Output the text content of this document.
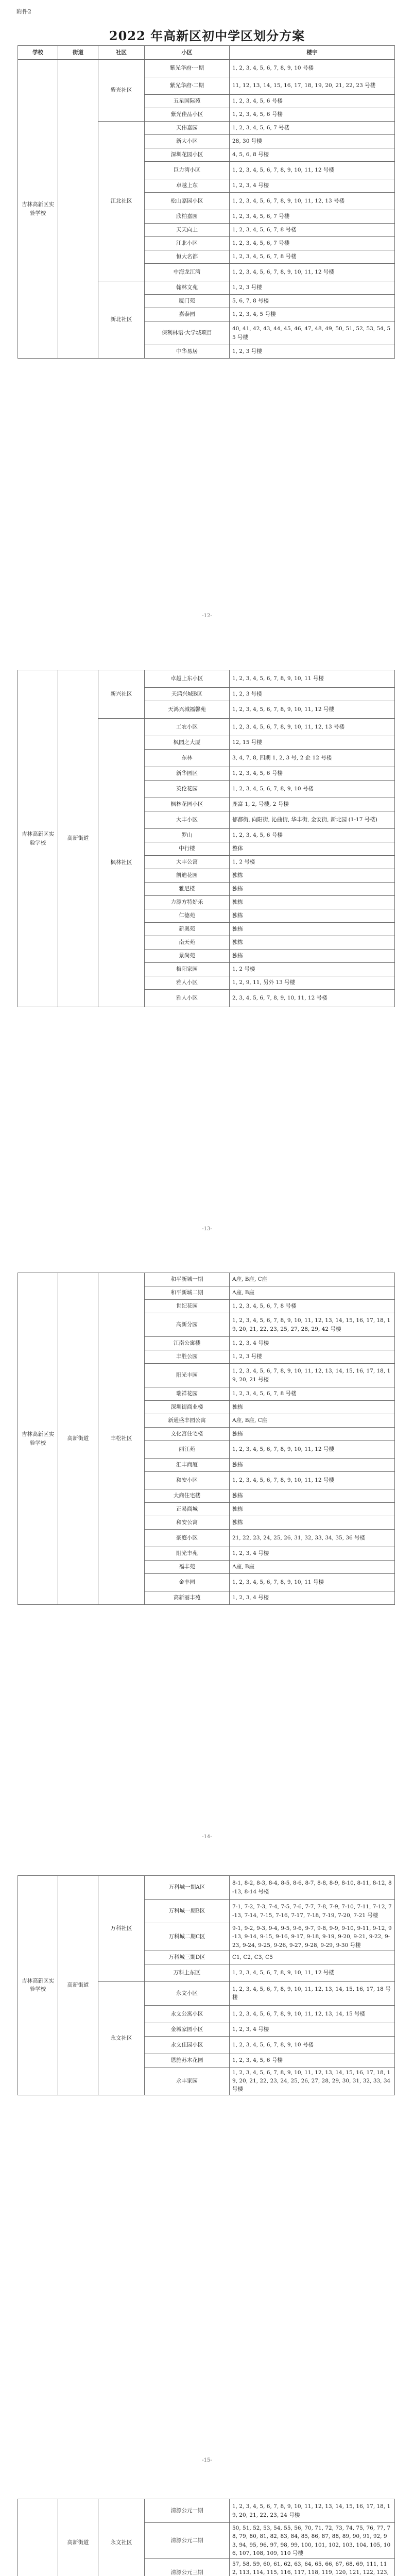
附件2
2022 年高新区初中学区划分方案
学校	街道	社区	小区	楼宇
吉林高新区实验学校		紫光社区	紫光华府·一期	1, 2, 3, 4, 5, 6, 7, 8, 9, 10 号楼
			紫光华府·二期	11, 12, 13, 14, 15, 16, 17, 18, 19, 20, 21, 22, 23 号楼
			五星国际苑	1, 2, 3, 4, 5, 6 号楼
			紫光佳品小区	1, 2, 3, 4, 5, 6 号楼
		江北社区	天伟嘉园	1, 2, 3, 4, 5, 6, 7 号楼
			新大小区	28, 30 号楼
			深圳花园小区	4, 5, 6, 8 号楼
			巨力湾小区	1, 2, 3, 4, 5, 6, 7, 8, 9, 10, 11, 12 号楼
			卓越上东	1, 2, 3, 4 号楼
			松山嘉园小区	1, 2, 3, 4, 5, 6, 7, 8, 9, 10, 11, 12, 13 号楼
			欣柏嘉园	1, 2, 3, 4, 5, 6, 7 号楼
			天天向上	1, 2, 3, 4, 5, 6, 7, 8 号楼
			江北小区	1, 2, 3, 4, 5, 6, 7 号楼
			恒大名都	1, 2, 3, 4, 5, 6, 7, 8 号楼
			中海龙江湾	1, 2, 3, 4, 5, 6, 7, 8, 9, 10, 11, 12 号楼
		新北社区	翰林文苑	1, 2, 3 号楼
			厦门苑	5, 6, 7, 8 号楼
			嘉泰园	1, 2, 3, 4, 5 号楼
			保利林语·大学城项目	40, 41, 42, 43, 44, 45, 46, 47, 48, 49, 50, 51, 52, 53, 54, 55 号楼
			中华易居	1, 2, 3 号楼
-12-
吉林高新区实验学校	高新街道	新兴社区	卓越上东小区	1, 2, 3, 4, 5, 6, 7, 8, 9, 10, 11 号楼
			天鸿兴城B区	1, 2, 3 号楼
			天鸿兴城福馨苑	1, 2, 3, 4, 5, 6, 7, 8, 9, 10, 11, 12 号楼
		枫林社区	工农小区	1, 2, 3, 4, 5, 6, 7, 8, 9, 10, 11, 12, 13 号楼
			枫园之大厦	12, 15 号楼
			东林	3, 4, 7, 8, 四期 1, 2, 3 号, 2 企 12 号楼
			新华园区	1, 2, 3, 4, 5, 6 号楼
			英伦花园	1, 2, 3, 4, 5, 6, 7, 8, 9, 10 号楼
			枫林花园小区	鹿富 1, 2, 号楼, 2 号楼
			大丰小区	郁都街, 向阳街, 沁曲街, 华丰街, 金安街, 新北园 (1-17 号楼)
			罗山	1, 2, 3, 4, 5, 6 号楼
			中行楼	整体
			大丰公寓	1, 2 号楼
			凯迪花园	独栋
			雅尼楼	独栋
			力源方特好乐	独栋
			仁德苑	独栋
			新奥苑	独栋
			南天苑	独栋
			景尚苑	独栋
			梅阳家园	1, 2 号楼
			雅人小区	1, 2, 9, 11, 另外 13 号楼
			雅人小区	2, 3, 4, 5, 6, 7, 8, 9, 10, 11, 12 号楼
-13-
吉林高新区实验学校	高新街道	丰松社区	和平新城一期	A座, B座, C座
			和平新城二期	A座, B座
			世纪花园	1, 2, 3, 4, 5, 6, 7, 8 号楼
			高新分园	1, 2, 3, 4, 5, 6, 7, 8, 9, 10, 11, 12, 13, 14, 15, 16, 17, 18, 19, 20, 21, 22, 23, 25, 27, 28, 29, 42 号楼
			江南公寓楼	1, 2, 3, 4 号楼
			丰胜公园	1, 2, 3 号楼
			阳光丰园	1, 2, 3, 4, 5, 6, 7, 8, 9, 10, 11, 12, 13, 14, 15, 16, 17, 18, 19, 20, 21 号楼
			瑞祥花园	1, 2, 3, 4, 5, 6, 7, 8 号楼
			深圳街商业楼	独栋
			新通盛丰园公寓	A座, B座, C座
			文化宫住宅楼	独栋
			丽江苑	1, 2, 3, 4, 5, 6, 7, 8, 9, 10, 11, 12 号楼
			汇丰商厦	独栋
			和安小区	1, 2, 3, 4, 5, 6, 7, 8, 9, 10, 11, 12 号楼
			大商住宅楼	独栋
			正易商城	独栋
			和安公寓	独栋
			豪庭小区	21, 22, 23, 24, 25, 26, 31, 32, 33, 34, 35, 36 号楼
			阳光丰苑	1, 2, 3, 4 号楼
			福丰苑	A座, B座
			金丰园	1, 2, 3, 4, 5, 6, 7, 8, 9, 10, 11 号楼
			高新丽丰苑	1, 2, 3, 4 号楼
-14-
吉林高新区实验学校	高新街道	万科社区	万科城一期A区	8-1, 8-2, 8-3, 8-4, 8-5, 8-6, 8-7, 8-8, 8-9, 8-10, 8-11, 8-12, 8-13, 8-14 号楼
			万科城一期B区	7-1, 7-2, 7-3, 7-4, 7-5, 7-6, 7-7, 7-8, 7-9, 7-10, 7-11, 7-12, 7-13, 7-14, 7-15, 7-16, 7-17, 7-18, 7-19, 7-20, 7-21 号楼
			万科城二期C区	9-1, 9-2, 9-3, 9-4, 9-5, 9-6, 9-7, 9-8, 9-9, 9-10, 9-11, 9-12, 9-13, 9-14, 9-15, 9-16, 9-17, 9-18, 9-19, 9-20, 9-21, 9-22, 9-23, 9-24, 9-25, 9-26, 9-27, 9-28, 9-29, 9-30 号楼
			万科城三期D区	C1, C2, C3, C5
			万科上东区	1, 2, 3, 4, 5, 6, 7, 8, 9, 10, 11, 12 号楼
		永文社区	永文小区	1, 2, 3, 4, 5, 6, 7, 8, 9, 10, 11, 12, 13, 14, 15, 16, 17, 18 号楼
			永文公寓小区	1, 2, 3, 4, 5, 6, 7, 8, 9, 10, 11, 12, 13, 14, 15 号楼
			金城家园小区	1, 2, 3, 4 号楼
			永文佳园小区	1, 2, 3, 4, 5, 6, 7, 8, 9, 10 号楼
			恩施苏木花园	1, 2, 3, 4, 5, 6 号楼
			永丰家园	1, 2, 3, 4, 5, 6, 7, 8, 9, 10, 11, 12, 13, 14, 15, 16, 17, 18, 19, 20, 21, 22, 23, 24, 25, 26, 27, 28, 29, 30, 31, 32, 33, 34 号楼
-15-
	高新街道	永文社区	清源公元一期	1, 2, 3, 4, 5, 6, 7, 8, 9, 10, 11, 12, 13, 14, 15, 16, 17, 18, 19, 20, 21, 22, 23, 24 号楼
			清源公元二期	50, 51, 52, 53, 54, 55, 56, 70, 71, 72, 73, 74, 75, 76, 77, 78, 79, 80, 81, 82, 83, 84, 85, 86, 87, 88, 89, 90, 91, 92, 93, 94, 95, 96, 97, 98, 99, 100, 101, 102, 103, 104, 105, 106, 107, 108, 109, 110 号楼
			清源公元三期	57, 58, 59, 60, 61, 62, 63, 64, 65, 66, 67, 68, 69, 111, 112, 113, 114, 115, 116, 117, 118, 119, 120, 121, 122, 123,
